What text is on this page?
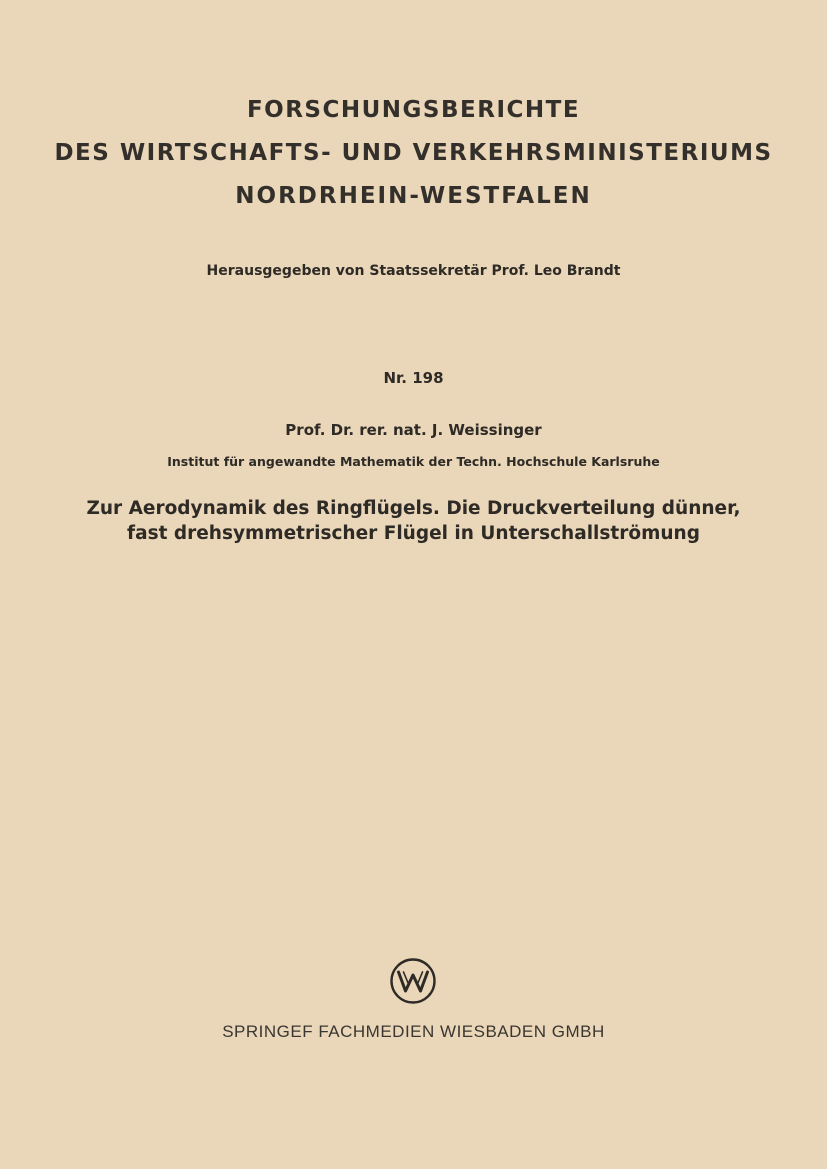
FORSCHUNGSBERICHTE
DES WIRTSCHAFTS- UND VERKEHRSMINISTERIUMS
NORDRHEIN-WESTFALEN
Herausgegeben von Staatssekretär Prof. Leo Brandt
Nr. 198
Prof. Dr. rer. nat. J. Weissinger
Institut für angewandte Mathematik der Techn. Hochschule Karlsruhe
Zur Aerodynamik des Ringflügels. Die Druckverteilung dünner,
fast drehsymmetrischer Flügel in Unterschallströmung
SPRINGEF FACHMEDIEN WIESBADEN GMBH
